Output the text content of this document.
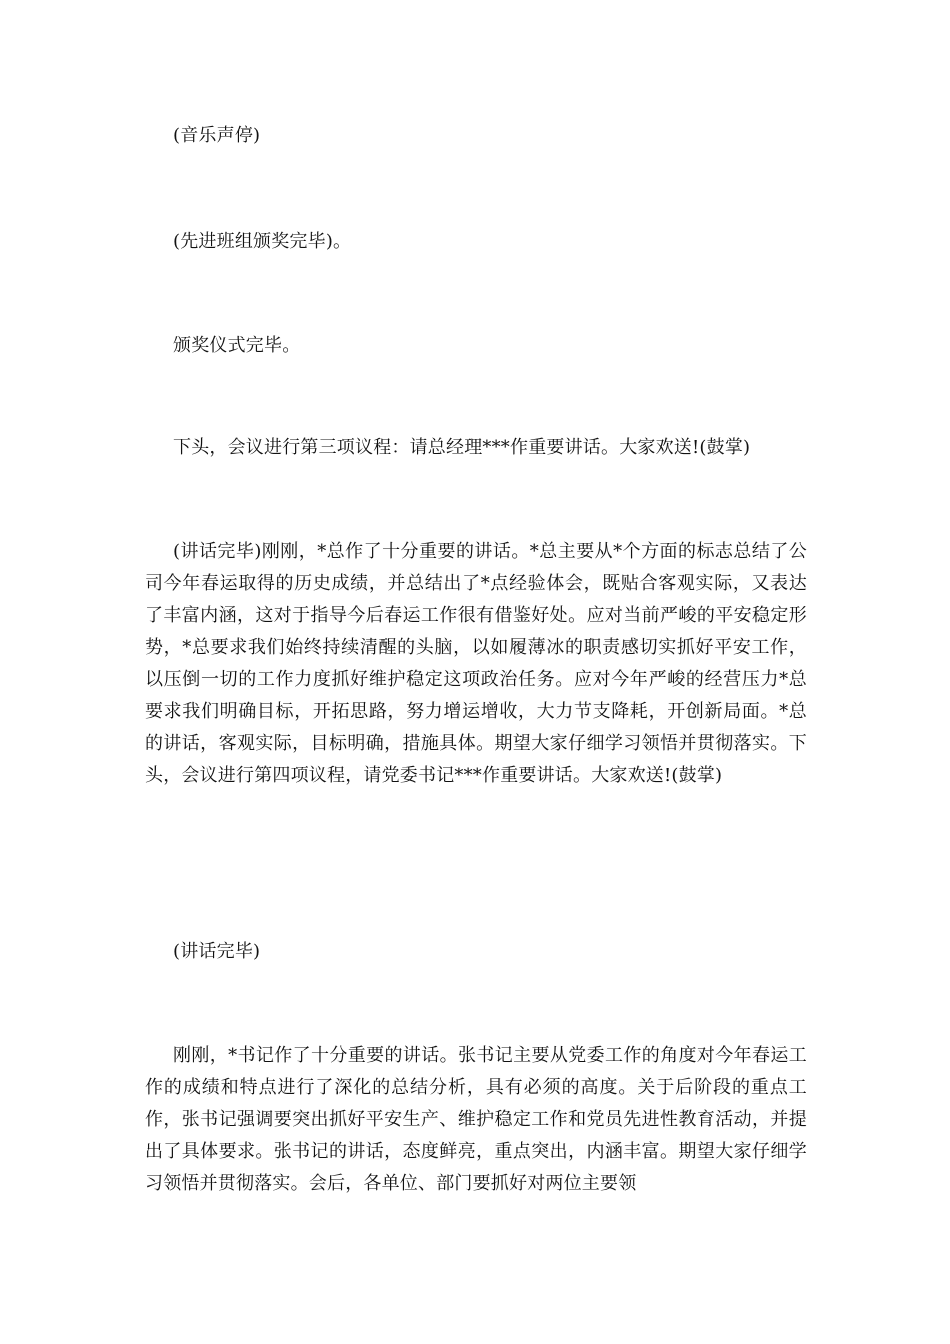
(音乐声停)

(先进班组颁奖完毕)。

颁奖仪式完毕。

下头，会议进行第三项议程：请总经理***作重要讲话。大家欢送!(鼓掌)

(讲话完毕)刚刚，*总作了十分重要的讲话。*总主要从*个方面的标志总结了公司今年春运取得的历史成绩，并总结出了*点经验体会，既贴合客观实际，又表达了丰富内涵，这对于指导今后春运工作很有借鉴好处。应对当前严峻的平安稳定形势，*总要求我们始终持续清醒的头脑，以如履薄冰的职责感切实抓好平安工作，以压倒一切的工作力度抓好维护稳定这项政治任务。应对今年严峻的经营压力*总要求我们明确目标，开拓思路，努力增运增收，大力节支降耗，开创新局面。*总的讲话，客观实际，目标明确，措施具体。期望大家仔细学习领悟并贯彻落实。下头，会议进行第四项议程，请党委书记***作重要讲话。大家欢送!(鼓掌)

(讲话完毕)

刚刚，*书记作了十分重要的讲话。张书记主要从党委工作的角度对今年春运工作的成绩和特点进行了深化的总结分析，具有必须的高度。关于后阶段的重点工作，张书记强调要突出抓好平安生产、维护稳定工作和党员先进性教育活动，并提出了具体要求。张书记的讲话，态度鲜亮，重点突出，内涵丰富。期望大家仔细学习领悟并贯彻落实。会后，各单位、部门要抓好对两位主要领
